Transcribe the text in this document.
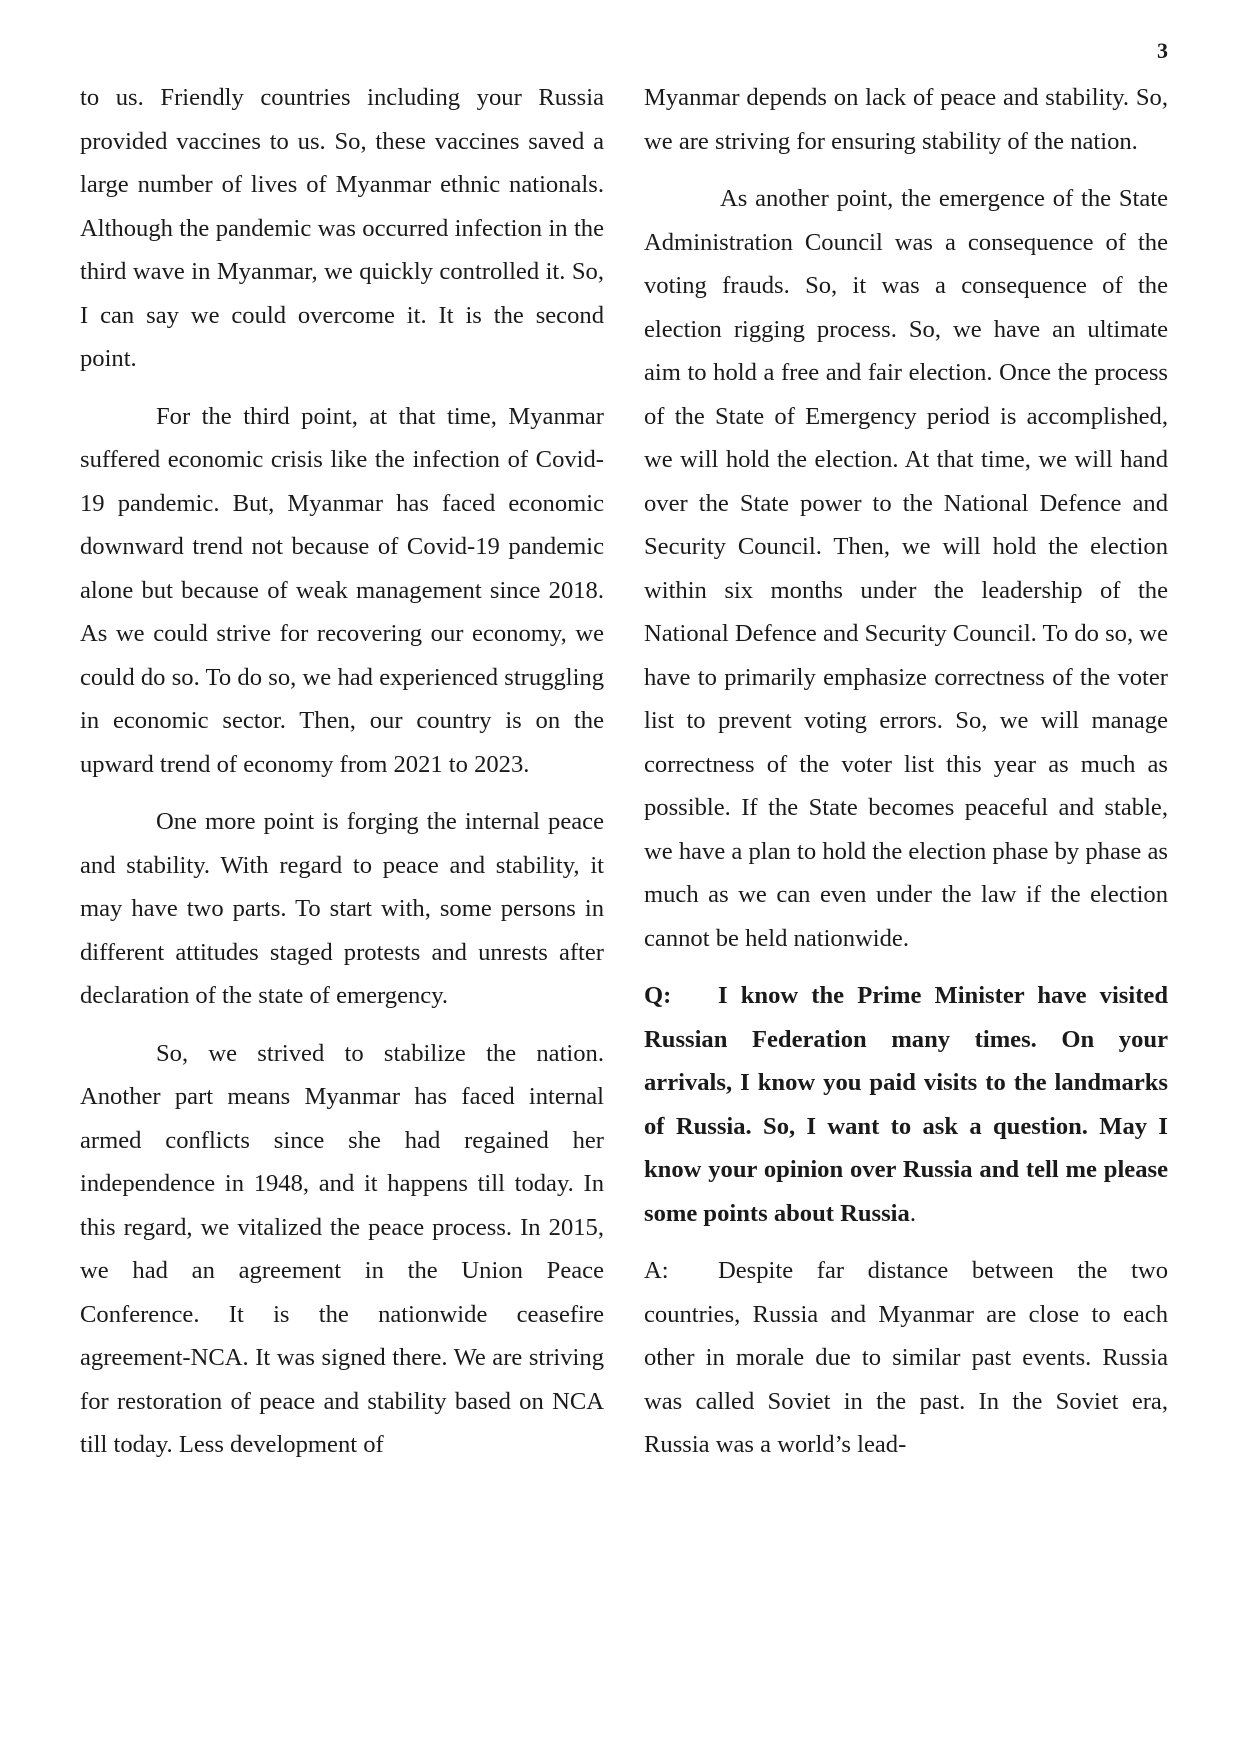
3

to us. Friendly countries including your Russia provided vaccines to us. So, these vaccines saved a large number of lives of Myanmar ethnic nationals. Although the pandemic was occurred infection in the third wave in Myanmar, we quickly controlled it. So, I can say we could overcome it. It is the second point.

For the third point, at that time, Myanmar suffered economic crisis like the infection of Covid-19 pandemic. But, Myanmar has faced economic downward trend not because of Covid-19 pandemic alone but because of weak management since 2018. As we could strive for recovering our economy, we could do so. To do so, we had experienced struggling in economic sector. Then, our country is on the upward trend of economy from 2021 to 2023.

One more point is forging the internal peace and stability. With regard to peace and stability, it may have two parts. To start with, some persons in different attitudes staged protests and unrests after declaration of the state of emergency.

So, we strived to stabilize the nation. Another part means Myanmar has faced internal armed conflicts since she had regained her independence in 1948, and it happens till today. In this regard, we vitalized the peace process. In 2015, we had an agreement in the Union Peace Conference. It is the nationwide ceasefire agreement-NCA. It was signed there. We are striving for restoration of peace and stability based on NCA till today. Less development of

Myanmar depends on lack of peace and stability. So, we are striving for ensuring stability of the nation.

As another point, the emergence of the State Administration Council was a consequence of the voting frauds. So, it was a consequence of the election rigging process. So, we have an ultimate aim to hold a free and fair election. Once the process of the State of Emergency period is accomplished, we will hold the election. At that time, we will hand over the State power to the National Defence and Security Council. Then, we will hold the election within six months under the leadership of the National Defence and Security Council. To do so, we have to primarily emphasize correctness of the voter list to prevent voting errors. So, we will manage correctness of the voter list this year as much as possible. If the State becomes peaceful and stable, we have a plan to hold the election phase by phase as much as we can even under the law if the election cannot be held nationwide.

Q: I know the Prime Minister have visited Russian Federation many times. On your arrivals, I know you paid visits to the landmarks of Russia. So, I want to ask a question. May I know your opinion over Russia and tell me please some points about Russia.

A: Despite far distance between the two countries, Russia and Myanmar are close to each other in morale due to similar past events. Russia was called Soviet in the past. In the Soviet era, Russia was a world’s lead-
